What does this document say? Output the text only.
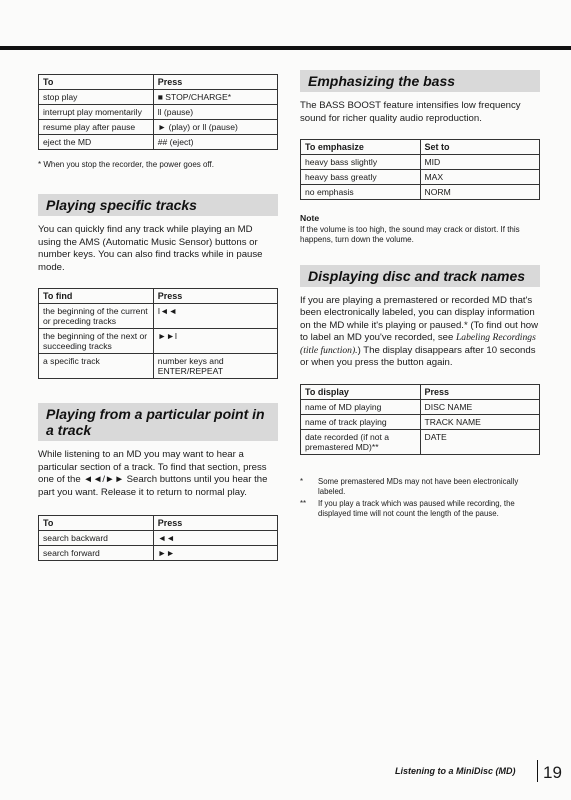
To	Press
stop play	■ STOP/CHARGE*
interrupt play momentarily	ll (pause)
resume play after pause	► (play) or ll (pause)
eject the MD	## (eject)

* When you stop the recorder, the power goes off.

Playing specific tracks

You can quickly find any track while playing an MD using the AMS (Automatic Music Sensor) buttons or number keys. You can also find tracks while in pause mode.

To find	Press
the beginning of the current or preceding tracks	I◄◄
the beginning of the next or succeeding tracks	►►I
a specific track	number keys and ENTER/REPEAT
Playing from a particular point in a track

While listening to an MD you may want to hear a particular section of a track. To find that section, press one of the ◄◄/►► Search buttons until you hear the part you want. Release it to return to normal play.

To	Press
search backward	◄◄
search forward	►►
Emphasizing the bass

The BASS BOOST feature intensifies low frequency sound for richer quality audio reproduction.

To emphasize	Set to
heavy bass slightly	MID
heavy bass greatly	MAX
no emphasis	NORM

Note

If the volume is too high, the sound may crack or distort. If this happens, turn down the volume.

Displaying disc and track names

If you are playing a premastered or recorded MD that's been electronically labeled, you can display information on the MD while it's playing or paused.* (To find out how to label an MD you've recorded, see Labeling Recordings (title function).) The display disappears after 10 seconds or when you press the button again.

To display	Press
name of MD playing	DISC NAME
name of track playing	TRACK NAME
date recorded (if not a premastered MD)**	DATE
*	Some premastered MDs may not have been electronically labeled.
**	If you play a track which was paused while recording, the displayed time will not count the length of the pause.
Listening to a MiniDisc (MD) 19
